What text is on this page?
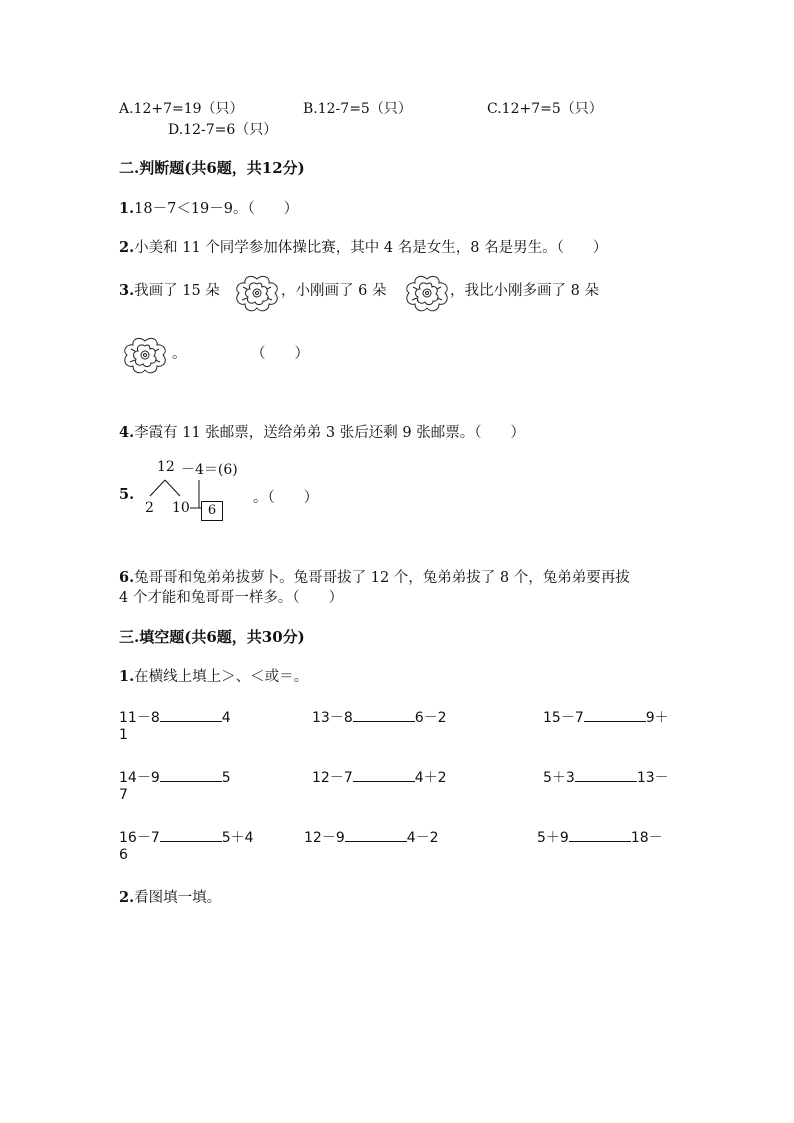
A.12+7=19（只）	B.12-7=5（只）	C.12+7=5（只）
D.12-7=6（只）
二.判断题(共6题，共12分)
1.18－7＜19－9。（　　）
2.小美和 11 个同学参加体操比赛，其中 4 名是女生，8 名是男生。（　　）
3.我画了 15 朵	，小刚画了 6 朵	，我比小刚多画了 8 朵
。	（　　）
4.李霞有 11 张邮票，送给弟弟 3 张后还剩 9 张邮票。（　　）
5.
12 －4＝(6)
2 10	6
。（　　）
6.兔哥哥和兔弟弟拔萝卜。兔哥哥拔了 12 个，兔弟弟拔了 8 个，兔弟弟要再拔
4 个才能和兔哥哥一样多。（　　）
三.填空题(共6题，共30分)
1.在横线上填上＞、＜或＝。
11－8	4	13－8	6－2	15－7	9＋
1
14－9	5	12－7	4＋2	5＋3	13－
7
16－7	5＋4	12－9	4－2	5＋9	18－
6
2.看图填一填。
